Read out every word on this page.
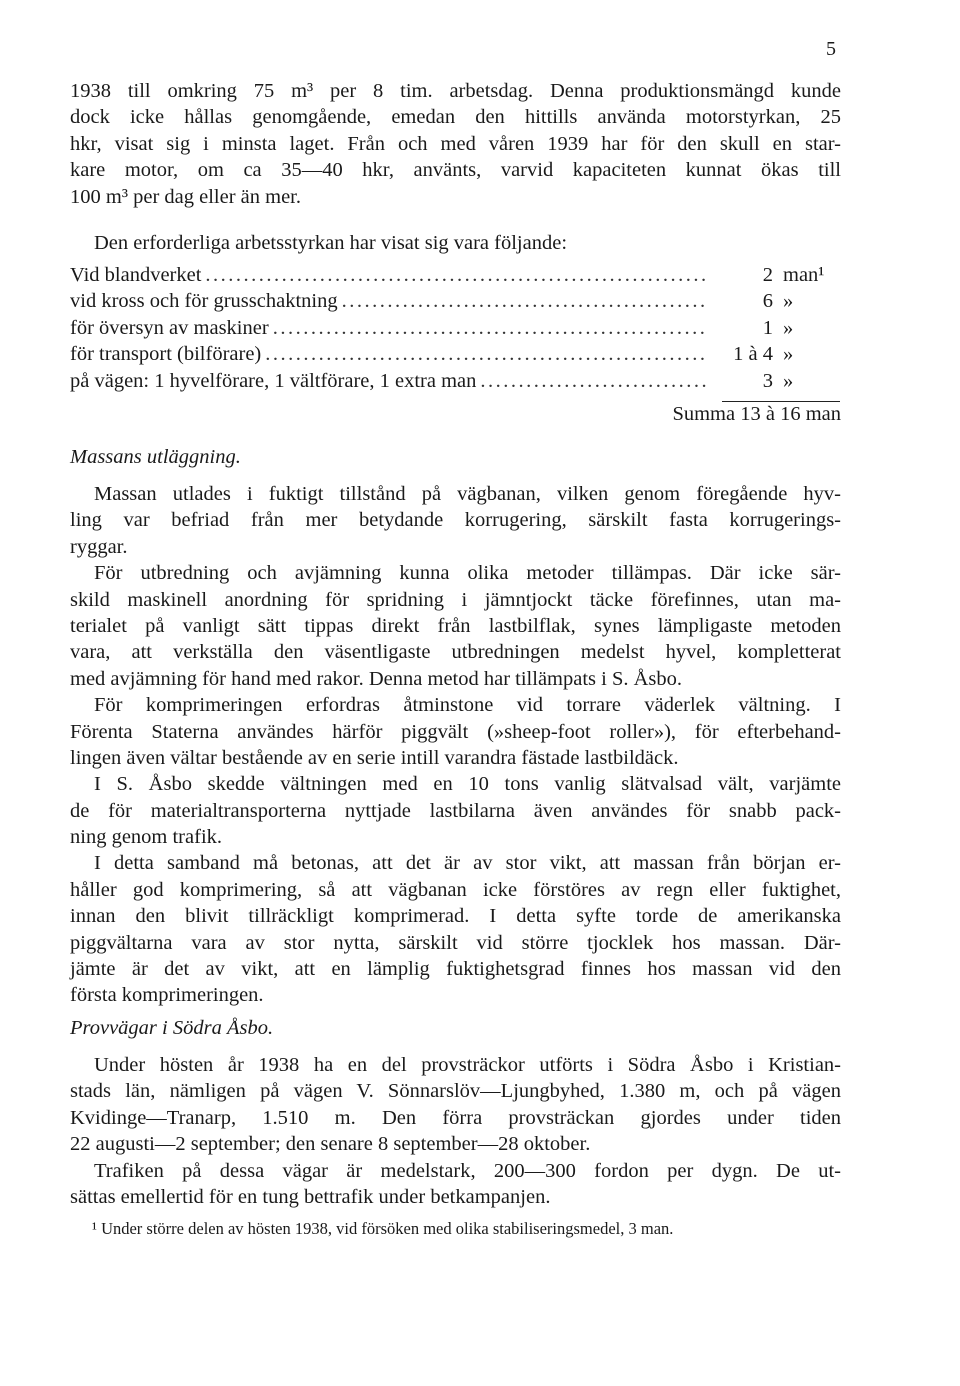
5
1938 till omkring 75 m³ per 8 tim. arbetsdag. Denna produktionsmängd kunde
dock icke hållas genomgående, emedan den hittills använda motorstyrkan, 25
hkr, visat sig i minsta laget. Från och med våren 1939 har för den skull en star-
kare motor, om ca 35—40 hkr, använts, varvid kapaciteten kunnat ökas till
100 m³ per dag eller än mer.
Den erforderliga arbetsstyrkan har visat sig vara följande:
Vid blandverket .....	2 man¹
vid kross och för grusschaktning .....	6 »
för översyn av maskiner .....	1 »
för transport (bilförare) .....	1 à 4 »
på vägen: 1 hyvelförare, 1 vältförare, 1 extra man .....	3 »
Summa 13 à 16 man
Massans utläggning.
Massan utlades i fuktigt tillstånd på vägbanan, vilken genom föregående hyv-
ling var befriad från mer betydande korrugering, särskilt fasta korrugerings-
ryggar.
För utbredning och avjämning kunna olika metoder tillämpas. Där icke sär-
skild maskinell anordning för spridning i jämntjockt täcke förefinnes, utan ma-
terialet på vanligt sätt tippas direkt från lastbilflak, synes lämpligaste metoden
vara, att verkställa den väsentligaste utbredningen medelst hyvel, kompletterat
med avjämning för hand med rakor. Denna metod har tillämpats i S. Åsbo.
För komprimeringen erfordras åtminstone vid torrare väderlek vältning. I
Förenta Staterna användes härför piggvält (»sheep-foot roller»), för efterbehand-
lingen även vältar bestående av en serie intill varandra fästade lastbildäck.
I S. Åsbo skedde vältningen med en 10 tons vanlig slätvalsad vält, varjämte
de för materialtransporterna nyttjade lastbilarna även användes för snabb pack-
ning genom trafik.
I detta samband må betonas, att det är av stor vikt, att massan från början er-
håller god komprimering, så att vägbanan icke förstöres av regn eller fuktighet,
innan den blivit tillräckligt komprimerad. I detta syfte torde de amerikanska
piggvältarna vara av stor nytta, särskilt vid större tjocklek hos massan. Där-
jämte är det av vikt, att en lämplig fuktighetsgrad finnes hos massan vid den
första komprimeringen.
Provvägar i Södra Åsbo.
Under hösten år 1938 ha en del provsträckor utförts i Södra Åsbo i Kristian-
stads län, nämligen på vägen V. Sönnarslöv—Ljungbyhed, 1.380 m, och på vägen
Kvidinge—Tranarp, 1.510 m. Den förra provsträckan gjordes under tiden
22 augusti—2 september; den senare 8 september—28 oktober.
Trafiken på dessa vägar är medelstark, 200—300 fordon per dygn. De ut-
sättas emellertid för en tung bettrafik under betkampanjen.
¹ Under större delen av hösten 1938, vid försöken med olika stabiliseringsmedel, 3 man.
